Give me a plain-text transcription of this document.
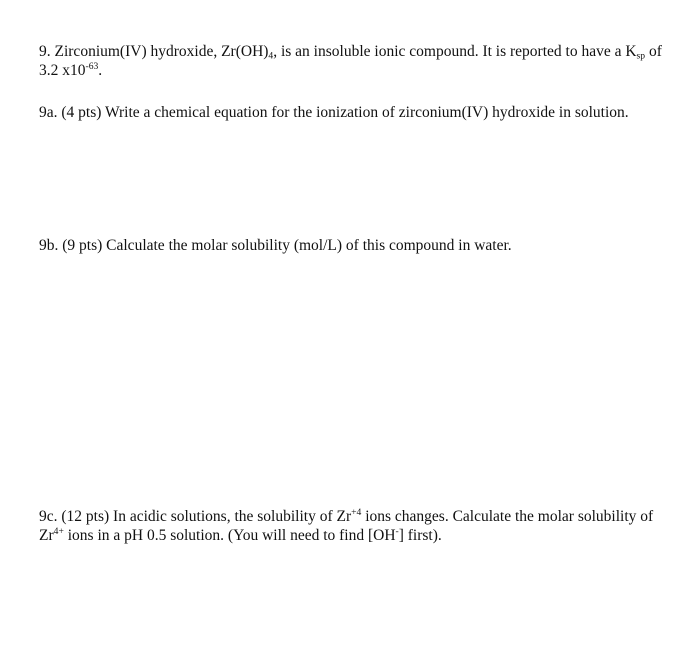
9. Zirconium(IV) hydroxide, $Zr(OH)_4$, is an insoluble ionic compound. It is reported to have a $K_{sp}$ of 3.2 $x10^{-63}$.
9a. (4 pts) Write a chemical equation for the ionization of zirconium(IV) hydroxide in solution.
9b. (9 pts) Calculate the molar solubility (mol/L) of this compound in water.
9c. (12 pts) In acidic solutions, the solubility of $Zr^{+4}$ ions changes. Calculate the molar solubility of $Zr^{4+}$ ions in a pH 0.5 solution. (You will need to find [OH-] first).
